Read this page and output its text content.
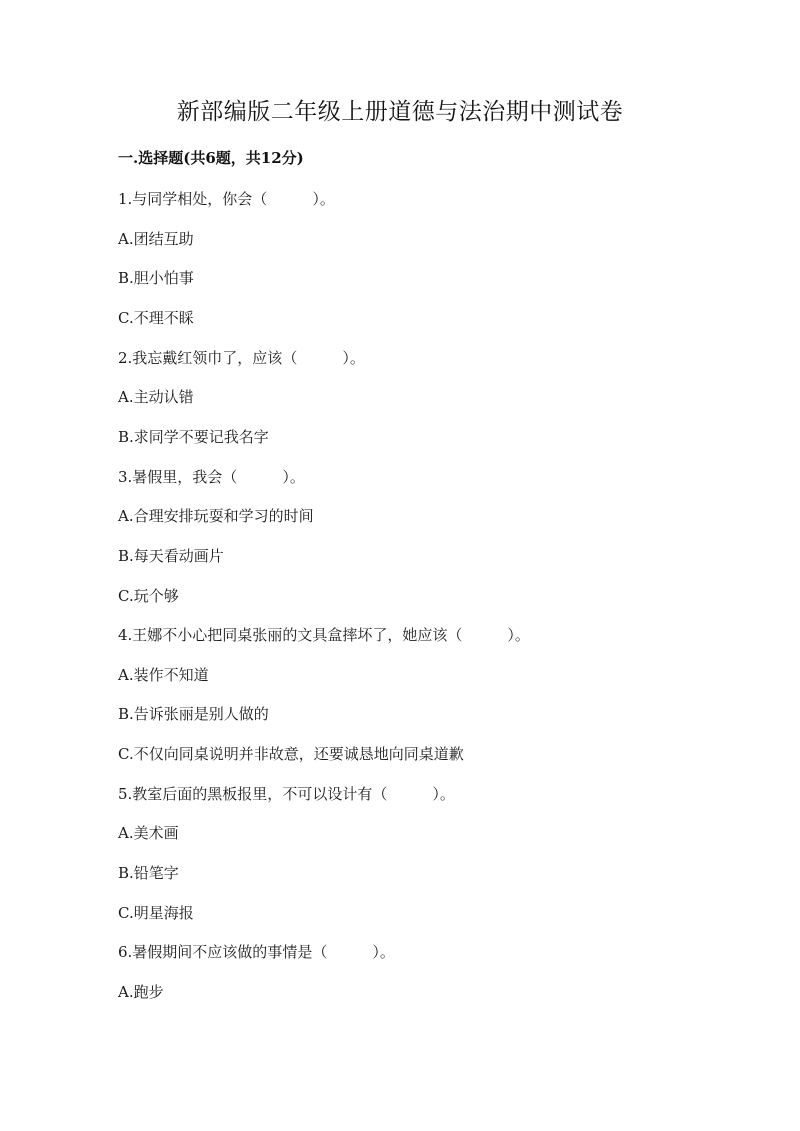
新部编版二年级上册道德与法治期中测试卷
一.选择题(共6题，共12分)
1.与同学相处，你会（　　　）。
A.团结互助
B.胆小怕事
C.不理不睬
2.我忘戴红领巾了，应该（　　　）。
A.主动认错
B.求同学不要记我名字
3.暑假里，我会（　　　）。
A.合理安排玩耍和学习的时间
B.每天看动画片
C.玩个够
4.王娜不小心把同桌张丽的文具盒摔坏了，她应该（　　　）。
A.装作不知道
B.告诉张丽是别人做的
C.不仅向同桌说明并非故意，还要诚恳地向同桌道歉
5.教室后面的黑板报里，不可以设计有（　　　）。
A.美术画
B.铅笔字
C.明星海报
6.暑假期间不应该做的事情是（　　　）。
A.跑步
